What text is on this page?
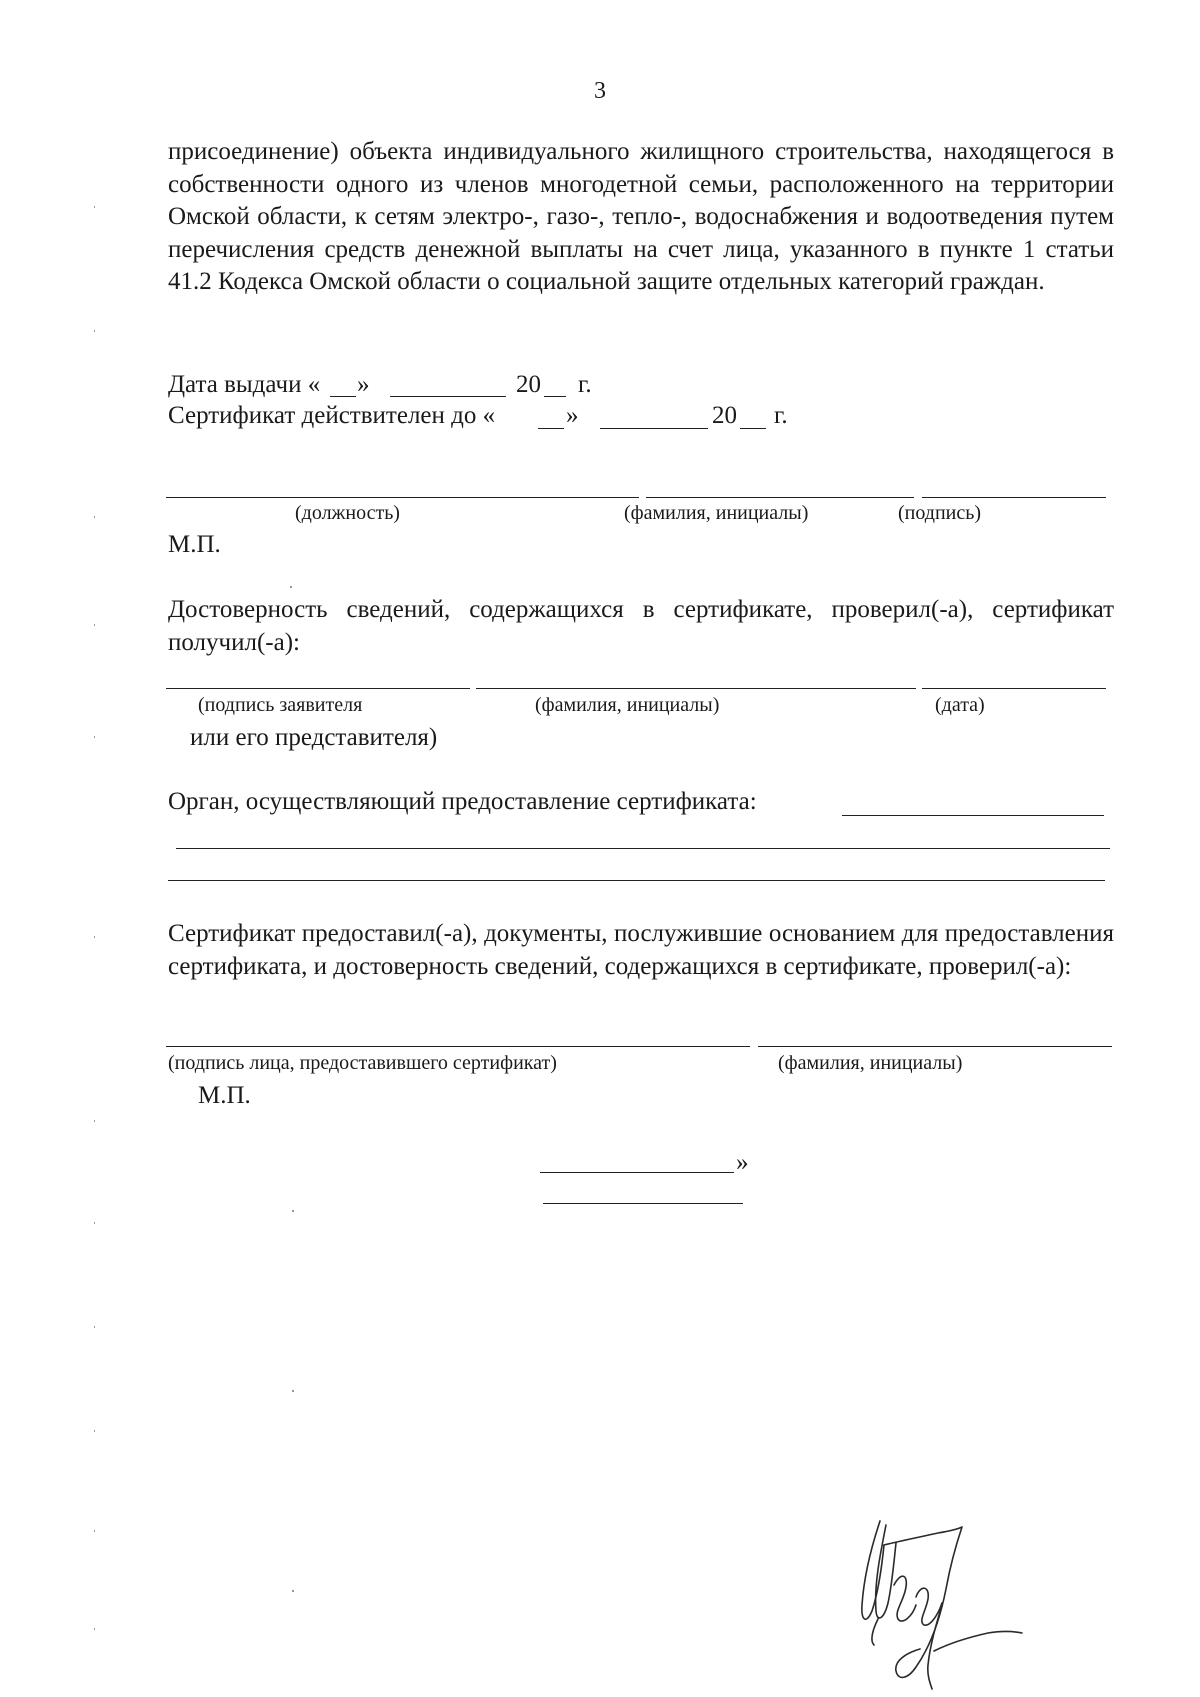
3
присоединение) объекта индивидуального жилищного строительства, находящегося в собственности одного из членов многодетной семьи, расположенного на территории Омской области, к сетям электро-, газо-, тепло-, водоснабжения и водоотведения путем перечисления средств денежной выплаты на счет лица, указанного в пункте 1 статьи 41.2 Кодекса Омской области о социальной защите отдельных категорий граждан.
Дата выдачи « »	20 г.
Сертификат действителен до «	»	20 г.
(должность)	(фамилия, инициалы)	(подпись)
М.П.
Достоверность сведений, содержащихся в сертификате, проверил(-а), сертификат получил(-а):
(подпись заявителя	(фамилия, инициалы)	(дата)
или его представителя)
Орган, осуществляющий предоставление сертификата:
Сертификат предоставил(-а), документы, послужившие основанием для предоставления сертификата, и достоверность сведений, содержащихся в сертификате, проверил(-а):
(подпись лица, предоставившего сертификат)	(фамилия, инициалы)
М.П.
»
